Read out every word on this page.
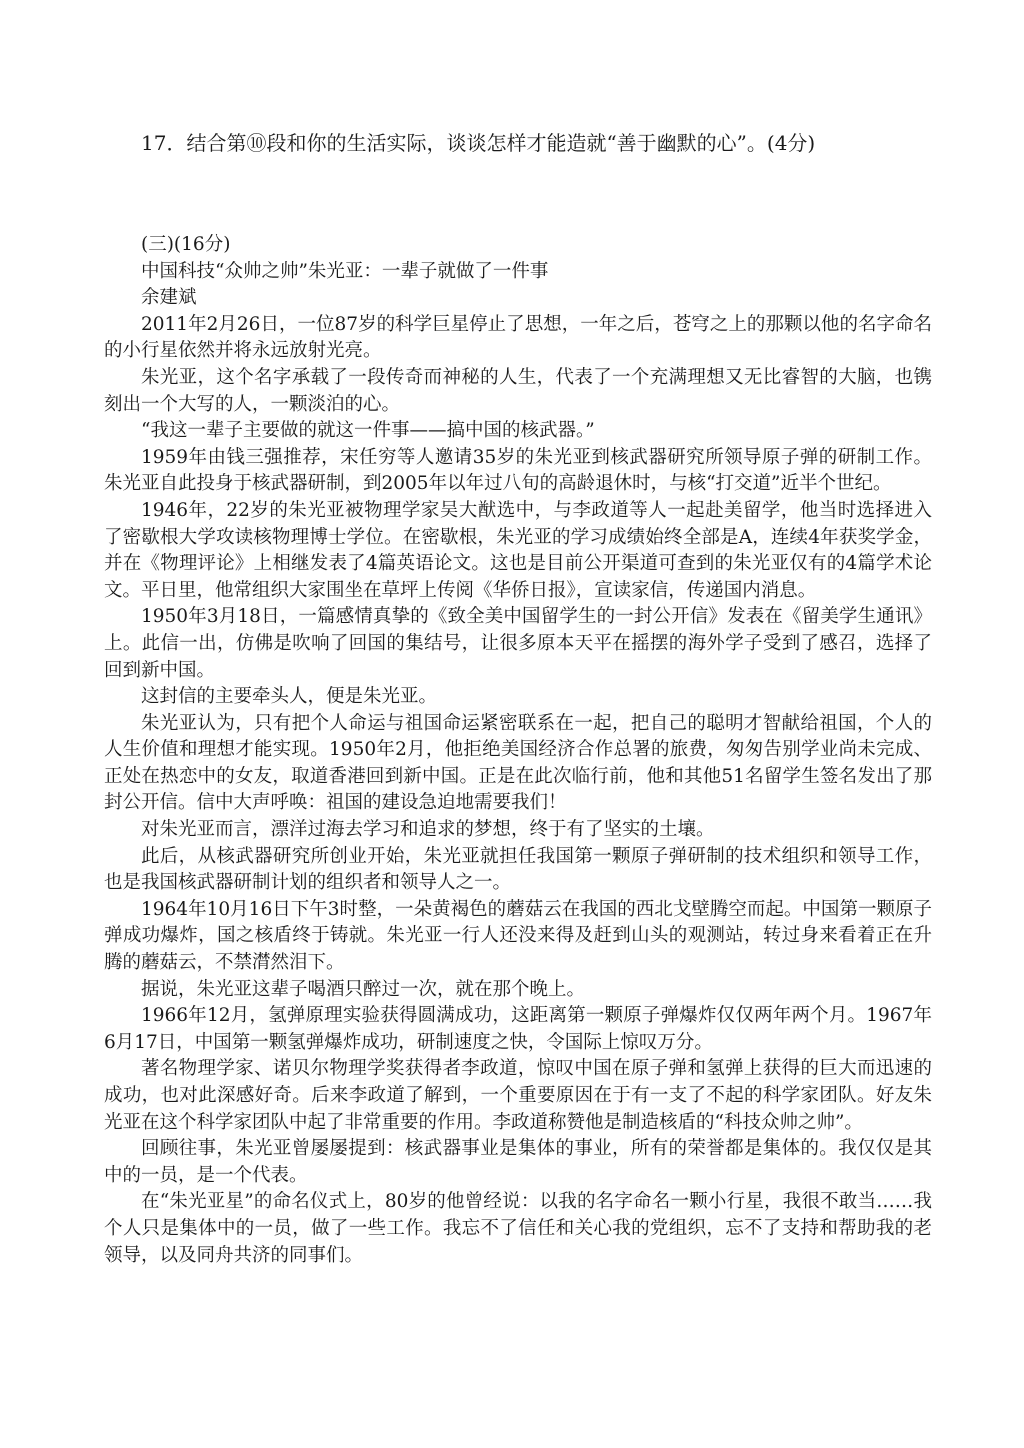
17．结合第⑩段和你的生活实际，谈谈怎样才能造就“善于幽默的心”。(4分)
(三)(16分)
中国科技“众帅之帅”朱光亚：一辈子就做了一件事
余建斌

2011年2月26日，一位87岁的科学巨星停止了思想，一年之后，苍穹之上的那颗以他的名字命名的小行星依然并将永远放射光亮。

朱光亚，这个名字承载了一段传奇而神秘的人生，代表了一个充满理想又无比睿智的大脑，也镌刻出一个大写的人，一颗淡泊的心。

“我这一辈子主要做的就这一件事——搞中国的核武器。”

1959年由钱三强推荐，宋任穷等人邀请35岁的朱光亚到核武器研究所领导原子弹的研制工作。朱光亚自此投身于核武器研制，到2005年以年过八旬的高龄退休时，与核“打交道”近半个世纪。

1946年，22岁的朱光亚被物理学家吴大猷选中，与李政道等人一起赴美留学，他当时选择进入了密歇根大学攻读核物理博士学位。在密歇根，朱光亚的学习成绩始终全部是A，连续4年获奖学金，并在《物理评论》上相继发表了4篇英语论文。这也是目前公开渠道可查到的朱光亚仅有的4篇学术论文。平日里，他常组织大家围坐在草坪上传阅《华侨日报》，宣读家信，传递国内消息。

1950年3月18日，一篇感情真挚的《致全美中国留学生的一封公开信》发表在《留美学生通讯》上。此信一出，仿佛是吹响了回国的集结号，让很多原本天平在摇摆的海外学子受到了感召，选择了回到新中国。

这封信的主要牵头人，便是朱光亚。

朱光亚认为，只有把个人命运与祖国命运紧密联系在一起，把自己的聪明才智献给祖国，个人的人生价值和理想才能实现。1950年2月，他拒绝美国经济合作总署的旅费，匆匆告别学业尚未完成、正处在热恋中的女友，取道香港回到新中国。正是在此次临行前，他和其他51名留学生签名发出了那封公开信。信中大声呼唤：祖国的建设急迫地需要我们！

对朱光亚而言，漂洋过海去学习和追求的梦想，终于有了坚实的土壤。

此后，从核武器研究所创业开始，朱光亚就担任我国第一颗原子弹研制的技术组织和领导工作，也是我国核武器研制计划的组织者和领导人之一。

1964年10月16日下午3时整，一朵黄褐色的蘑菇云在我国的西北戈壁腾空而起。中国第一颗原子弹成功爆炸，国之核盾终于铸就。朱光亚一行人还没来得及赶到山头的观测站，转过身来看着正在升腾的蘑菇云，不禁潸然泪下。

据说，朱光亚这辈子喝酒只醉过一次，就在那个晚上。

1966年12月，氢弹原理实验获得圆满成功，这距离第一颗原子弹爆炸仅仅两年两个月。1967年6月17日，中国第一颗氢弹爆炸成功，研制速度之快，令国际上惊叹万分。

著名物理学家、诺贝尔物理学奖获得者李政道，惊叹中国在原子弹和氢弹上获得的巨大而迅速的成功，也对此深感好奇。后来李政道了解到，一个重要原因在于有一支了不起的科学家团队。好友朱光亚在这个科学家团队中起了非常重要的作用。李政道称赞他是制造核盾的“科技众帅之帅”。

回顾往事，朱光亚曾屡屡提到：核武器事业是集体的事业，所有的荣誉都是集体的。我仅仅是其中的一员，是一个代表。

在“朱光亚星”的命名仪式上，80岁的他曾经说：以我的名字命名一颗小行星，我很不敢当……我个人只是集体中的一员，做了一些工作。我忘不了信任和关心我的党组织，忘不了支持和帮助我的老领导，以及同舟共济的同事们。
